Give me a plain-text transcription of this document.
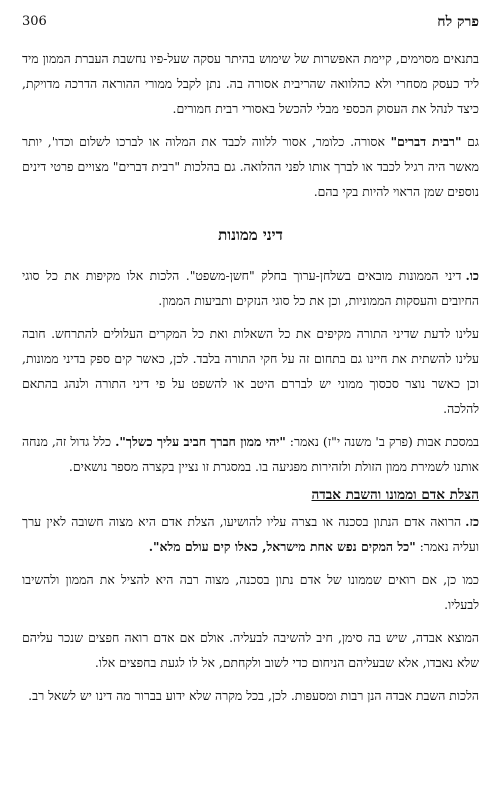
306	פרק לח

בתנאים מסוימים, קיימת האפשרות של שימוש בהיתר עסקה שעל-פיו נחשבת העברת הממון מיד ליד כעסק מסחרי ולא כהלוואה שהריבית אסורה בה. נתן לקבל ממורי ההוראה הדרכה מדויקת, כיצד לנהל את העסוק הכספי מבלי להכשל באסורי רבית חמורים.

גם "רבית דברים" אסורה. כלומר, אסור ללווה לכבד את המלוה או לברכו לשלום וכדו', יותר מאשר היה רגיל לכבד או לברך אותו לפני ההלואה. גם בהלכות "רבית דברים" מצויים פרטי דינים נוספים שמן הראוי להיות בקי בהם.

דיני ממונות

כו.דיני הממונות מובאים בשלחן-ערוך בחלק "חשן-משפט". הלכות אלו מקיפות את כל סוגי החיובים והעסקות הממוניות, וכן את כל סוגי הנזקים ותביעות הממון.

עלינו לדעת שדיני התורה מקיפים את כל השאלות ואת כל המקרים העלולים להתרחש. חובה עלינו להשתית את חיינו גם בתחום זה על חקי התורה בלבד. לכן, כאשר קים ספק בדיני ממונות, וכן כאשר נוצר סכסוך ממוני יש לבררם היטב או להשפט על פי דיני התורה ולנהג בהתאם להלכה.

במסכת אבות (פרק ב' משנה י"ז) נאמר: "יהי ממון חברך חביב עליך כשלך". כלל גדול זה, מנחה אותנו לשמירת ממון הזולת ולזהירות מפגיעה בו. במסגרת זו נציין בקצרה מספר נושאים.

הצלת אדם וממונו והשבת אבדה

כז.הרואה אדם הנתון בסכנה או בצרה עליו להושיעו, הצלת אדם היא מצוה חשובה לאין ערך ועליה נאמר: "כל המקים נפש אחת מישראל, כאלו קים עולם מלא".

כמו כן, אם רואים שממונו של אדם נתון בסכנה, מצוה רבה היא להציל את הממון ולהשיבו לבעליו.

המוצא אבדה, שיש בה סימן, חיב להשיבה לבעליה. אולם אם אדם רואה חפצים שנכר עליהם שלא נאבדו, אלא שבעליהם הניחום כדי לשוב ולקחתם, אל לו לגעת בחפצים אלו.

הלכות השבת אבדה הנן רבות ומסעפות. לכן, בכל מקרה שלא ידוע בברור מה דינו יש לשאל רב.
